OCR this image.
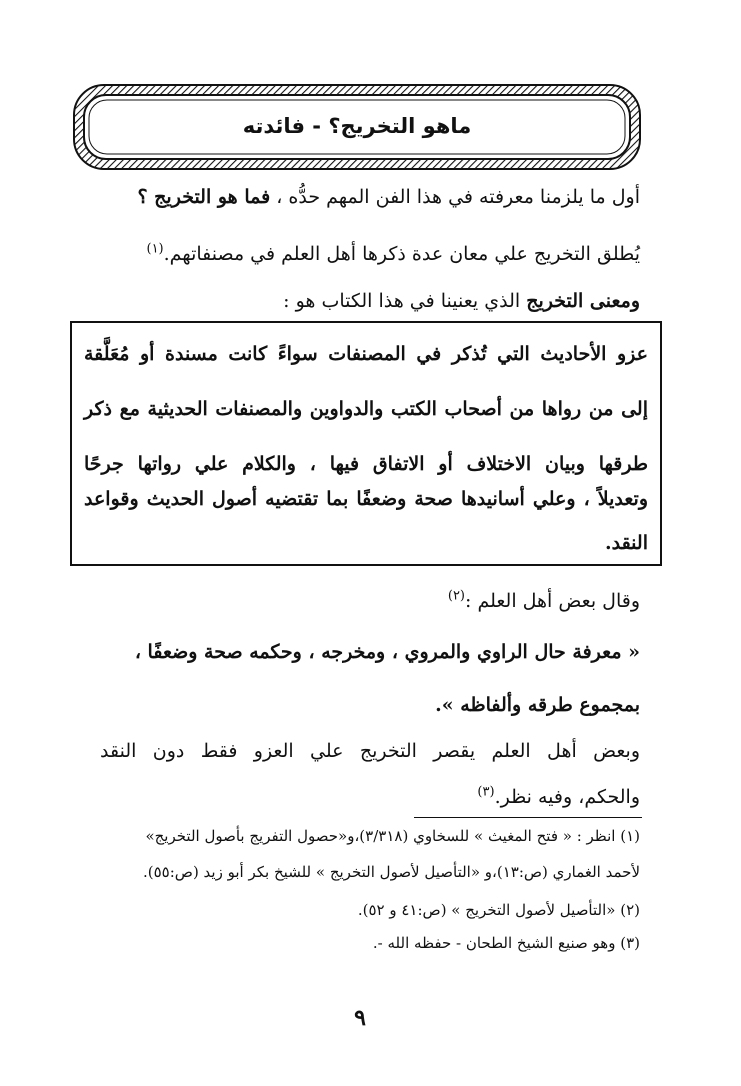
ماهو التخريج؟ - فائدته
أول ما يلزمنا معرفته في هذا الفن المهم حدُّه ، فما هو التخريج ؟
يُطلق التخريج علي معان عدة ذكرها أهل العلم في مصنفاتهم.$^{(١)}$
ومعنى التخريج الذي يعنينا في هذا الكتاب هو :
عزو الأحاديث التي تُذكر في المصنفات سواءً كانت مسندة أو مُعَلَّقة
إلى من رواها من أصحاب الكتب والدواوين والمصنفات الحديثية مع ذكر
طرقها وبيان الاختلاف أو الاتفاق فيها ، والكلام علي رواتها جرحًا
وتعديلاً ، وعلي أسانيدها صحة وضعفًا بما تقتضيه أصول الحديث وقواعد
النقد.
وقال بعض أهل العلم :$^{(٢)}$
« معرفة حال الراوي والمروي ، ومخرجه ، وحكمه صحة وضعفًا ،
بمجموع طرقه وألفاظه ».
وبعض أهل العلم يقصر التخريج علي العزو فقط دون النقد
والحكم، وفيه نظر.$^{(٣)}$
(١) انظر : « فتح المغيث » للسخاوي (٣/٣١٨)،و«حصول التفريج بأصول التخريج»
لأحمد الغماري (ص:١٣)،و «التأصيل لأصول التخريج » للشيخ بكر أبو زيد (ص:٥٥).
(٢) «التأصيل لأصول التخريج » (ص:٤١ و ٥٢).
(٣) وهو صنيع الشيخ الطحان - حفظه الله -.
٩
